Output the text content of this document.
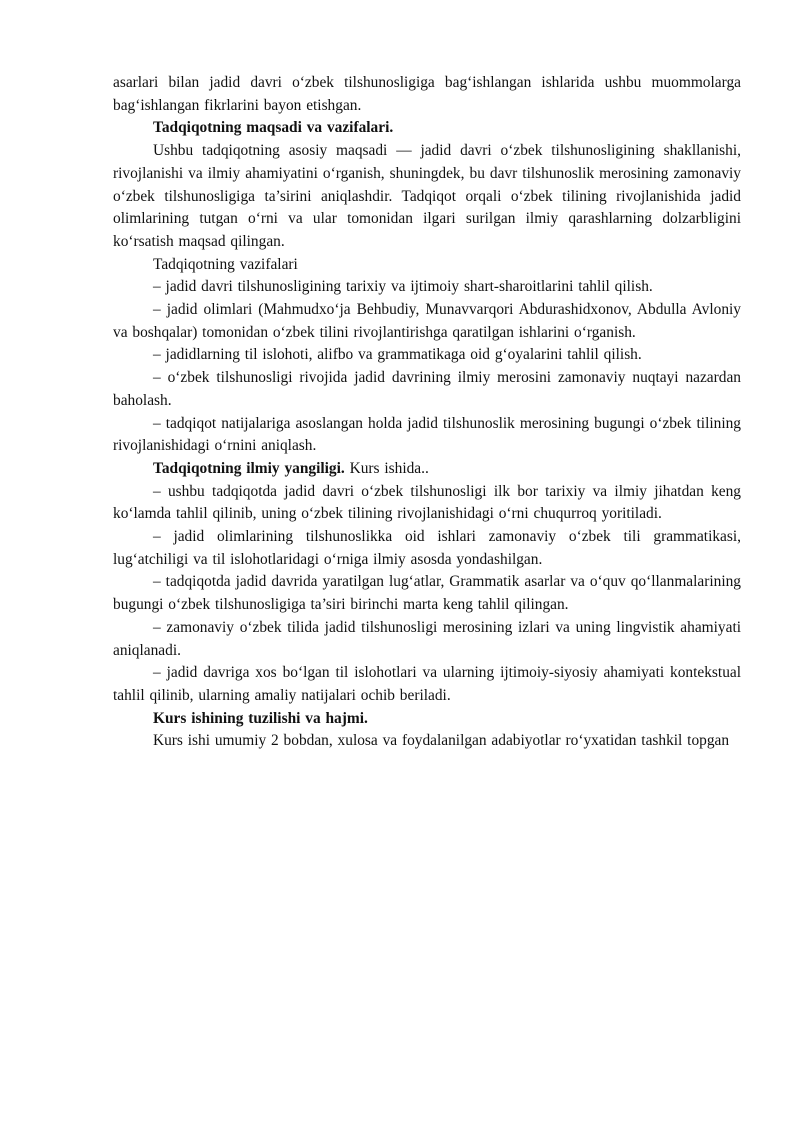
asarlari bilan jadid davri o‘zbek tilshunosligiga bag‘ishlangan ishlarida ushbu muommolarga bag‘ishlangan fikrlarini bayon etishgan.

Tadqiqotning maqsadi va vazifalari.

Ushbu tadqiqotning asosiy maqsadi — jadid davri o‘zbek tilshunosligining shakllanishi, rivojlanishi va ilmiy ahamiyatini o‘rganish, shuningdek, bu davr tilshunoslik merosining zamonaviy o‘zbek tilshunosligiga ta’sirini aniqlashdir. Tadqiqot orqali o‘zbek tilining rivojlanishida jadid olimlarining tutgan o‘rni va ular tomonidan ilgari surilgan ilmiy qarashlarning dolzarbligini ko‘rsatish maqsad qilingan.

Tadqiqotning vazifalari

– jadid davri tilshunosligining tarixiy va ijtimoiy shart-sharoitlarini tahlil qilish.

– jadid olimlari (Mahmudxo‘ja Behbudiy, Munavvarqori Abdurashidxonov, Abdulla Avloniy va boshqalar) tomonidan o‘zbek tilini rivojlantirishga qaratilgan ishlarini o‘rganish.

– jadidlarning til islohoti, alifbo va grammatikaga oid g‘oyalarini tahlil qilish.

– o‘zbek tilshunosligi rivojida jadid davrining ilmiy merosini zamonaviy nuqtayi nazardan baholash.

– tadqiqot natijalariga asoslangan holda jadid tilshunoslik merosining bugungi o‘zbek tilining rivojlanishidagi o‘rnini aniqlash.

Tadqiqotning ilmiy yangiligi. Kurs ishida..

– ushbu tadqiqotda jadid davri o‘zbek tilshunosligi ilk bor tarixiy va ilmiy jihatdan keng ko‘lamda tahlil qilinib, uning o‘zbek tilining rivojlanishidagi o‘rni chuqurroq yoritiladi.

– jadid olimlarining tilshunoslikka oid ishlari zamonaviy o‘zbek tili grammatikasi, lug‘atchiligi va til islohotlaridagi o‘rniga ilmiy asosda yondashilgan.

– tadqiqotda jadid davrida yaratilgan lug‘atlar, Grammatik asarlar va o‘quv qo‘llanmalarining bugungi o‘zbek tilshunosligiga ta’siri birinchi marta keng tahlil qilingan.

– zamonaviy o‘zbek tilida jadid tilshunosligi merosining izlari va uning lingvistik ahamiyati aniqlanadi.

– jadid davriga xos bo‘lgan til islohotlari va ularning ijtimoiy-siyosiy ahamiyati kontekstual tahlil qilinib, ularning amaliy natijalari ochib beriladi.

Kurs ishining tuzilishi va hajmi.

Kurs ishi umumiy 2 bobdan, xulosa va foydalanilgan adabiyotlar ro‘yxatidan tashkil topgan
